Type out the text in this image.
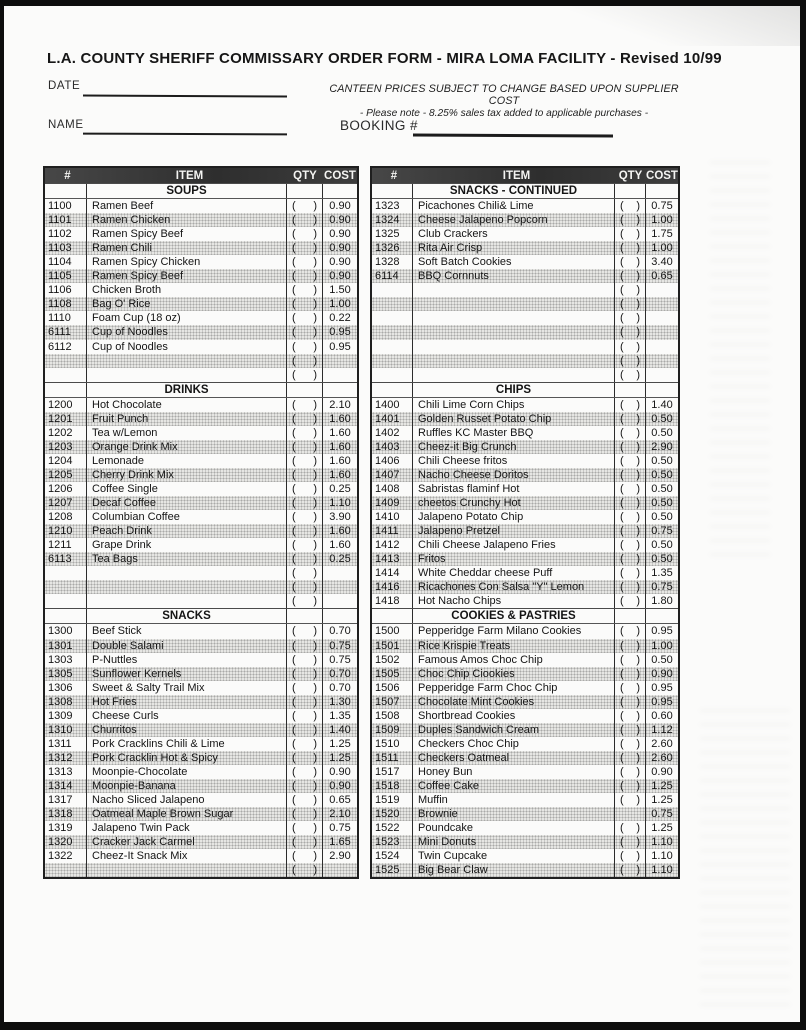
L.A. COUNTY SHERIFF COMMISSARY ORDER FORM - MIRA LOMA FACILITY - Revised 10/99
DATE	CANTEEN PRICES SUBJECT TO CHANGE BASED UPON SUPPLIER COST
- Please note - 8.25% sales tax added to applicable purchases -
NAME	BOOKING #
#	ITEM	QTY COST
SOUPS
1100	Ramen Beef	( )	0.90
1101	Ramen Chicken	( )	0.90
1102	Ramen Spicy Beef	( )	0.90
1103	Ramen Chili	( )	0.90
1104	Ramen Spicy Chicken	( )	0.90
1105	Ramen Spicy Beef	( )	0.90
1106	Chicken Broth	( )	1.50
1108	Bag O' Rice	( )	1.00
1110	Foam Cup (18 oz)	( )	0.22
6111	Cup of Noodles	( )	0.95
6112	Cup of Noodles	( )	0.95
( )
( )
DRINKS
1200	Hot Chocolate	( )	2.10
1201	Fruit Punch	( )	1.60
1202	Tea w/Lemon	( )	1.60
1203	Orange Drink Mix	( )	1.60
1204	Lemonade	( )	1.60
1205	Cherry Drink Mix	( )	1.60
1206	Coffee Single	( )	0.25
1207	Decaf Coffee	( )	1.10
1208	Columbian Coffee	( )	3.90
1210	Peach Drink	( )	1.60
1211	Grape Drink	( )	1.60
6113	Tea Bags	( )	0.25
( )
( )
( )
SNACKS
1300	Beef Stick	( )	0.70
1301	Double Salami	( )	0.75
1303	P-Nuttles	( )	0.75
1305	Sunflower Kernels	( )	0.70
1306	Sweet & Salty Trail Mix	( )	0.70
1308	Hot Fries	( )	1.30
1309	Cheese Curls	( )	1.35
1310	Churritos	( )	1.40
1311	Pork Cracklins Chili & Lime	( )	1.25
1312	Pork Cracklin Hot & Spicy	( )	1.25
1313	Moonpie-Chocolate	( )	0.90
1314	Moonpie-Banana	( )	0.90
1317	Nacho Sliced Jalapeno	( )	0.65
1318	Oatmeal Maple Brown Sugar	( )	2.10
1319	Jalapeno Twin Pack	( )	0.75
1320	Cracker Jack Carmel	( )	1.65
1322	Cheez-It Snack Mix	( )	2.90
( )
#	ITEM	QTY COST
SNACKS - CONTINUED
1323	Picachones Chili& Lime	( )	0.75
1324	Cheese Jalapeno Popcorn	( )	1.00
1325	Club Crackers	( )	1.75
1326	Rita Air Crisp	( )	1.00
1328	Soft Batch Cookies	( )	3.40
6114	BBQ Cornnuts	( )	0.65
( )
( )
( )
( )
( )
( )
( )
CHIPS
1400	Chili Lime Corn Chips	( )	1.40
1401	Golden Russet Potato Chip	( )	0.50
1402	Ruffles KC Master BBQ	( )	0.50
1403	Cheez-it Big Crunch	( )	2.90
1406	Chili Cheese fritos	( )	0.50
1407	Nacho Cheese Doritos	( )	0.50
1408	Sabristas flaminf Hot	( )	0.50
1409	cheetos Crunchy Hot	( )	0.50
1410	Jalapeno Potato Chip	( )	0.50
1411	Jalapeno Pretzel	( )	0.75
1412	Chili Cheese Jalapeno Fries	( )	0.50
1413	Fritos	( )	0.50
1414	White Cheddar cheese Puff	( )	1.35
1416	Ricachones Con Salsa "Y" Lemon	( )	0.75
1418	Hot Nacho Chips	( )	1.80
COOKIES & PASTRIES
1500	Pepperidge Farm Milano Cookies	( )	0.95
1501	Rice Krispie Treats	( )	1.00
1502	Famous Amos Choc Chip	( )	0.50
1505	Choc Chip Ciookies	( )	0.90
1506	Pepperidge Farm Choc Chip	( )	0.95
1507	Chocolate Mint Cookies	( )	0.95
1508	Shortbread Cookies	( )	0.60
1509	Duples Sandwich Cream	( )	1.12
1510	Checkers Choc Chip	( )	2.60
1511	Checkers Oatmeal	( )	2.60
1517	Honey Bun	( )	0.90
1518	Coffee Cake	( )	1.25
1519	Muffin	( )	1.25
1520	Brownie	0.75
1522	Poundcake	( )	1.25
1523	Mini Donuts	( )	1.10
1524	Twin Cupcake	( )	1.10
1525	Big Bear Claw	( )	1.10
